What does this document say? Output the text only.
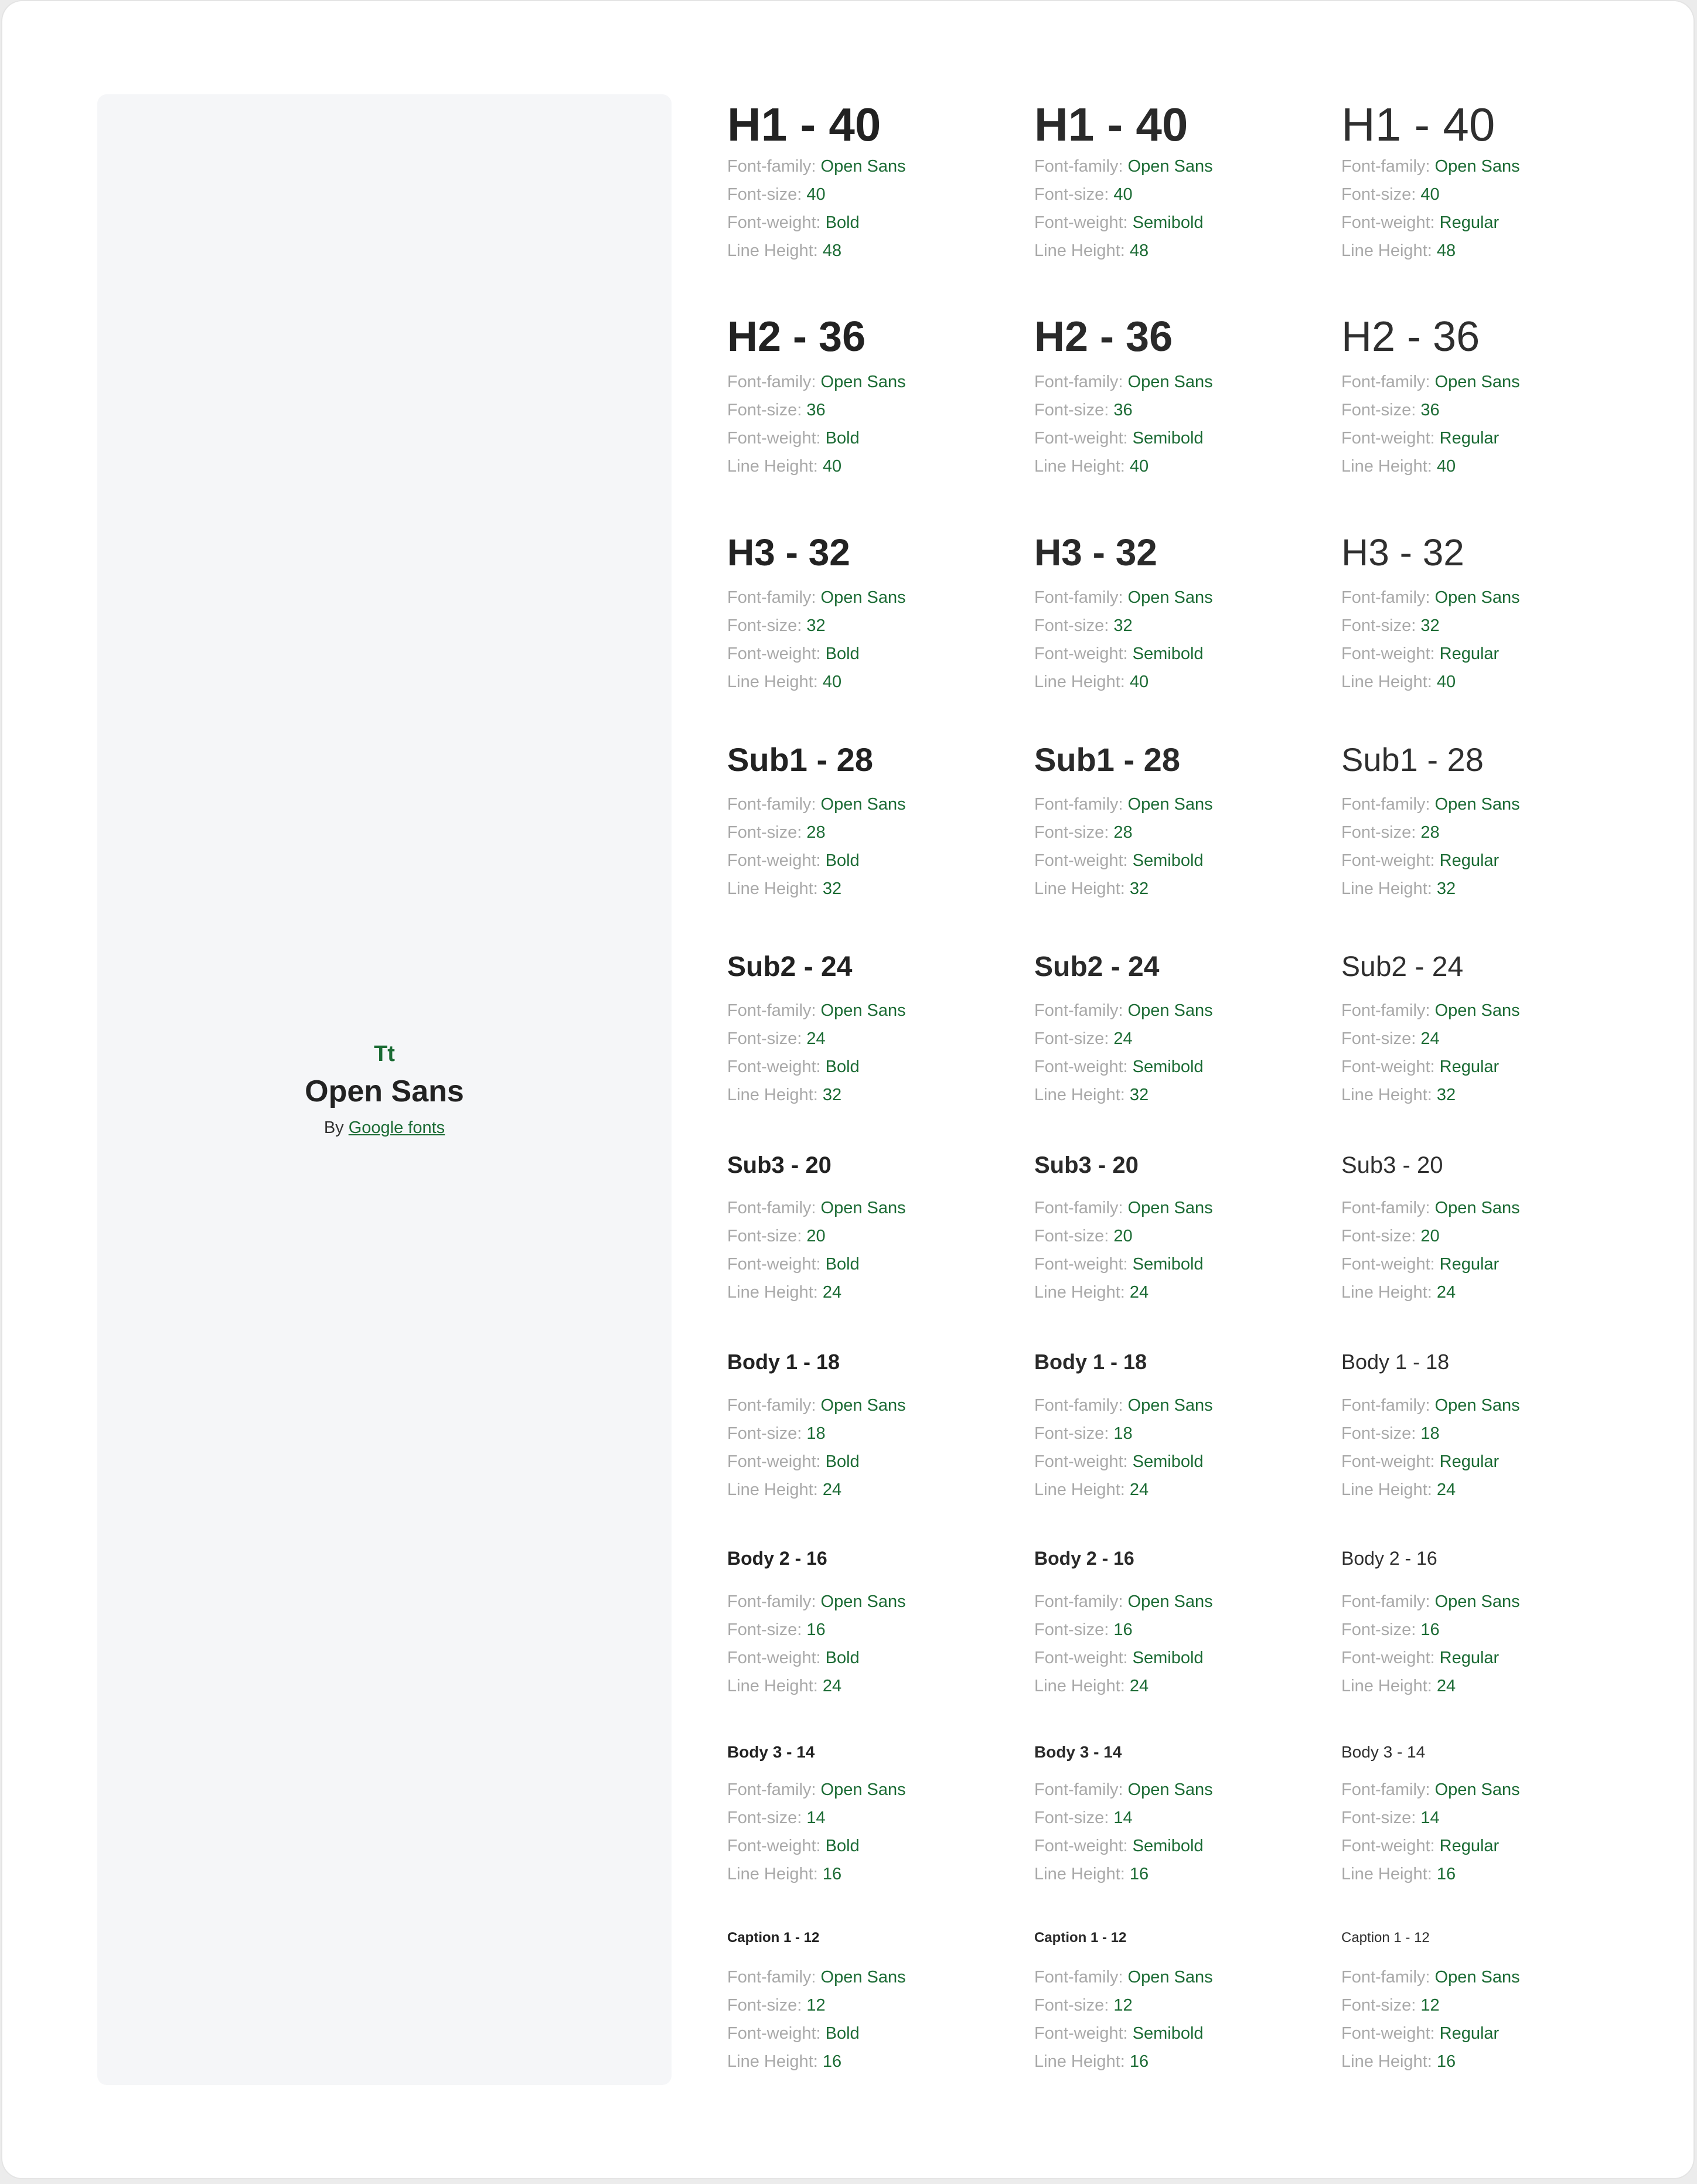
Tt
Open Sans
By Google fonts
H1 - 40
Font-family: Open Sans
Font-size: 40
Font-weight: Bold
Line Height: 48
H1 - 40
Font-family: Open Sans
Font-size: 40
Font-weight: Semibold
Line Height: 48
H1 - 40
Font-family: Open Sans
Font-size: 40
Font-weight: Regular
Line Height: 48
H2 - 36
Font-family: Open Sans
Font-size: 36
Font-weight: Bold
Line Height: 40
H2 - 36
Font-family: Open Sans
Font-size: 36
Font-weight: Semibold
Line Height: 40
H2 - 36
Font-family: Open Sans
Font-size: 36
Font-weight: Regular
Line Height: 40
H3 - 32
Font-family: Open Sans
Font-size: 32
Font-weight: Bold
Line Height: 40
H3 - 32
Font-family: Open Sans
Font-size: 32
Font-weight: Semibold
Line Height: 40
H3 - 32
Font-family: Open Sans
Font-size: 32
Font-weight: Regular
Line Height: 40
Sub1 - 28
Font-family: Open Sans
Font-size: 28
Font-weight: Bold
Line Height: 32
Sub1 - 28
Font-family: Open Sans
Font-size: 28
Font-weight: Semibold
Line Height: 32
Sub1 - 28
Font-family: Open Sans
Font-size: 28
Font-weight: Regular
Line Height: 32
Sub2 - 24
Font-family: Open Sans
Font-size: 24
Font-weight: Bold
Line Height: 32
Sub2 - 24
Font-family: Open Sans
Font-size: 24
Font-weight: Semibold
Line Height: 32
Sub2 - 24
Font-family: Open Sans
Font-size: 24
Font-weight: Regular
Line Height: 32
Sub3 - 20
Font-family: Open Sans
Font-size: 20
Font-weight: Bold
Line Height: 24
Sub3 - 20
Font-family: Open Sans
Font-size: 20
Font-weight: Semibold
Line Height: 24
Sub3 - 20
Font-family: Open Sans
Font-size: 20
Font-weight: Regular
Line Height: 24
Body 1 - 18
Font-family: Open Sans
Font-size: 18
Font-weight: Bold
Line Height: 24
Body 1 - 18
Font-family: Open Sans
Font-size: 18
Font-weight: Semibold
Line Height: 24
Body 1 - 18
Font-family: Open Sans
Font-size: 18
Font-weight: Regular
Line Height: 24
Body 2 - 16
Font-family: Open Sans
Font-size: 16
Font-weight: Bold
Line Height: 24
Body 2 - 16
Font-family: Open Sans
Font-size: 16
Font-weight: Semibold
Line Height: 24
Body 2 - 16
Font-family: Open Sans
Font-size: 16
Font-weight: Regular
Line Height: 24
Body 3 - 14
Font-family: Open Sans
Font-size: 14
Font-weight: Bold
Line Height: 16
Body 3 - 14
Font-family: Open Sans
Font-size: 14
Font-weight: Semibold
Line Height: 16
Body 3 - 14
Font-family: Open Sans
Font-size: 14
Font-weight: Regular
Line Height: 16
Caption 1 - 12
Font-family: Open Sans
Font-size: 12
Font-weight: Bold
Line Height: 16
Caption 1 - 12
Font-family: Open Sans
Font-size: 12
Font-weight: Semibold
Line Height: 16
Caption 1 - 12
Font-family: Open Sans
Font-size: 12
Font-weight: Regular
Line Height: 16
